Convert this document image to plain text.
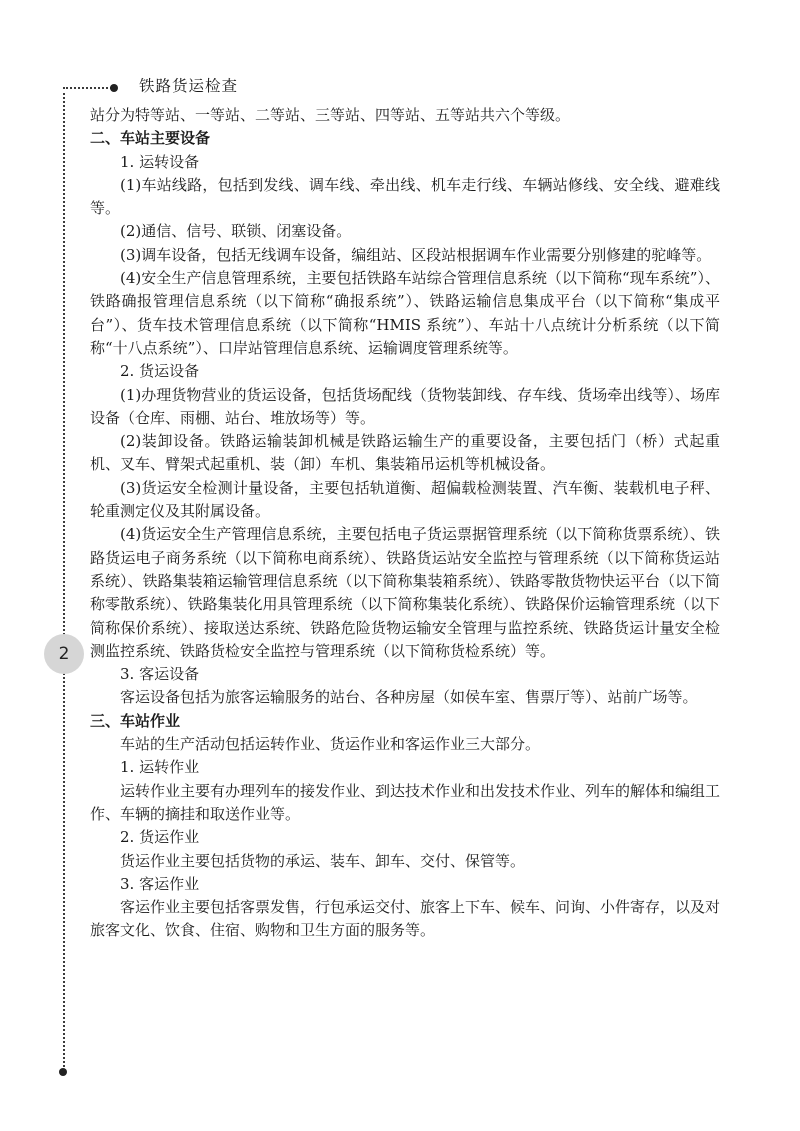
铁路货运检查
2

站分为特等站、一等站、二等站、三等站、四等站、五等站共六个等级。

二、车站主要设备

1. 运转设备

(1)车站线路，包括到发线、调车线、牵出线、机车走行线、车辆站修线、安全线、避难线等。

(2)通信、信号、联锁、闭塞设备。

(3)调车设备，包括无线调车设备，编组站、区段站根据调车作业需要分别修建的驼峰等。

(4)安全生产信息管理系统，主要包括铁路车站综合管理信息系统（以下简称“现车系统”）、铁路确报管理信息系统（以下简称“确报系统”）、铁路运输信息集成平台（以下简称“集成平台”）、货车技术管理信息系统（以下简称“HMIS 系统”）、车站十八点统计分析系统（以下简称“十八点系统”）、口岸站管理信息系统、运输调度管理系统等。

2. 货运设备

(1)办理货物营业的货运设备，包括货场配线（货物装卸线、存车线、货场牵出线等）、场库设备（仓库、雨棚、站台、堆放场等）等。

(2)装卸设备。铁路运输装卸机械是铁路运输生产的重要设备，主要包括门（桥）式起重机、叉车、臂架式起重机、装（卸）车机、集装箱吊运机等机械设备。

(3)货运安全检测计量设备，主要包括轨道衡、超偏载检测装置、汽车衡、装载机电子秤、轮重测定仪及其附属设备。

(4)货运安全生产管理信息系统，主要包括电子货运票据管理系统（以下简称货票系统）、铁路货运电子商务系统（以下简称电商系统）、铁路货运站安全监控与管理系统（以下简称货运站系统）、铁路集装箱运输管理信息系统（以下简称集装箱系统）、铁路零散货物快运平台（以下简称零散系统）、铁路集装化用具管理系统（以下简称集装化系统）、铁路保价运输管理系统（以下简称保价系统）、接取送达系统、铁路危险货物运输安全管理与监控系统、铁路货运计量安全检测监控系统、铁路货检安全监控与管理系统（以下简称货检系统）等。

3. 客运设备

客运设备包括为旅客运输服务的站台、各种房屋（如侯车室、售票厅等）、站前广场等。

三、车站作业

车站的生产活动包括运转作业、货运作业和客运作业三大部分。

1. 运转作业

运转作业主要有办理列车的接发作业、到达技术作业和出发技术作业、列车的解体和编组工作、车辆的摘挂和取送作业等。

2. 货运作业

货运作业主要包括货物的承运、装车、卸车、交付、保管等。

3. 客运作业

客运作业主要包括客票发售，行包承运交付、旅客上下车、候车、问询、小件寄存，以及对旅客文化、饮食、住宿、购物和卫生方面的服务等。
